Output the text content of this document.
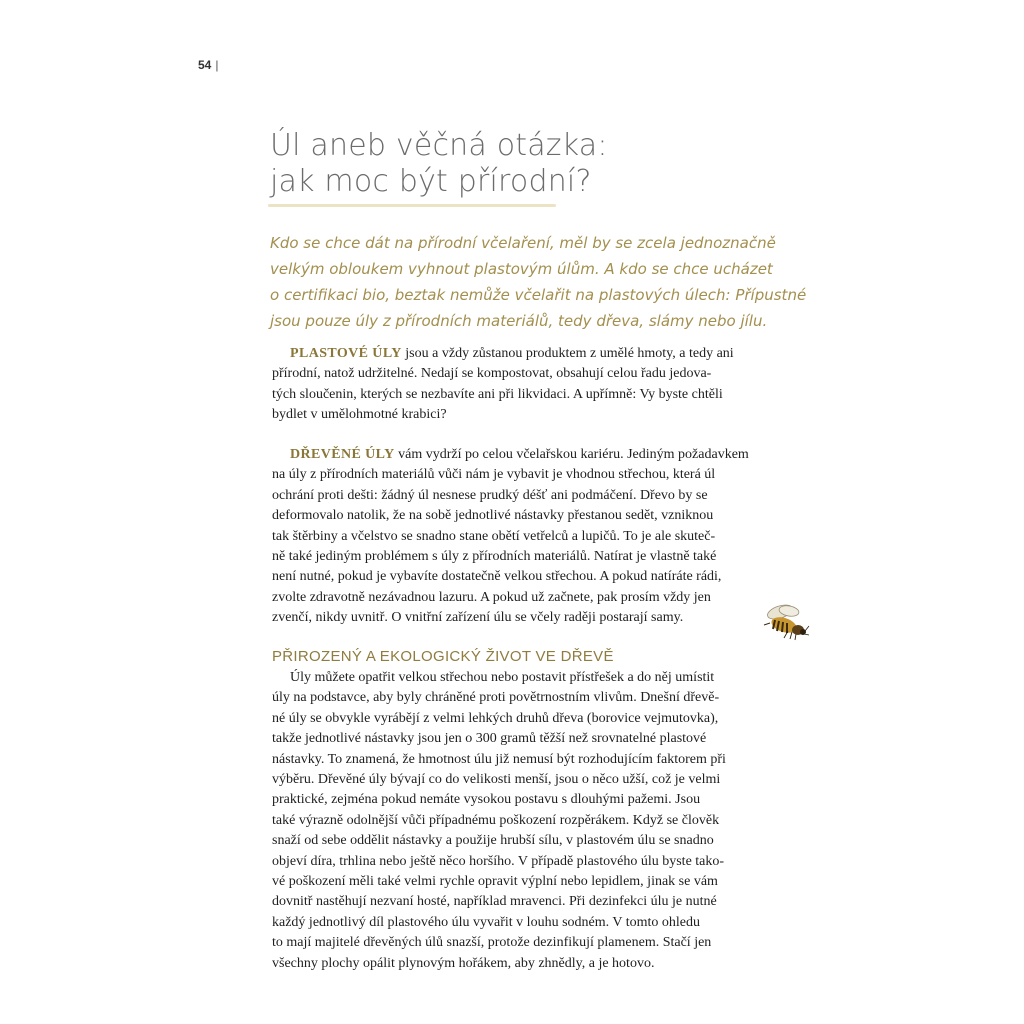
54 |
Úl aneb věčná otázka:
jak moc být přírodní?
Kdo se chce dát na přírodní včelaření, měl by se zcela jednoznačně
velkým obloukem vyhnout plastovým úlům. A kdo se chce ucházet
o certifikaci bio, beztak nemůže včelařit na plastových úlech: Přípustné
jsou pouze úly z přírodních materiálů, tedy dřeva, slámy nebo jílu.
PLASTOVÉ ÚLY jsou a vždy zůstanou produktem z umělé hmoty, a tedy ani
přírodní, natož udržitelné. Nedají se kompostovat, obsahují celou řadu jedova-
tých sloučenin, kterých se nezbavíte ani při likvidaci. A upřímně: Vy byste chtěli
bydlet v umělohmotné krabici?
DŘEVĚNÉ ÚLY vám vydrží po celou včelařskou kariéru. Jediným požadavkem
na úly z přírodních materiálů vůči nám je vybavit je vhodnou střechou, která úl
ochrání proti dešti: žádný úl nesnese prudký déšť ani podmáčení. Dřevo by se
deformovalo natolik, že na sobě jednotlivé nástavky přestanou sedět, vzniknou
tak štěrbiny a včelstvo se snadno stane obětí vetřelců a lupičů. To je ale skuteč-
ně také jediným problémem s úly z přírodních materiálů. Natírat je vlastně také
není nutné, pokud je vybavíte dostatečně velkou střechou. A pokud natíráte rádi,
zvolte zdravotně nezávadnou lazuru. A pokud už začnete, pak prosím vždy jen
zvenčí, nikdy uvnitř. O vnitřní zařízení úlu se včely raději postarají samy.
PŘIROZENÝ A EKOLOGICKÝ ŽIVOT VE DŘEVĚ
Úly můžete opatřit velkou střechou nebo postavit přístřešek a do něj umístit
úly na podstavce, aby byly chráněné proti povětrnostním vlivům. Dnešní dřevě-
né úly se obvykle vyrábějí z velmi lehkých druhů dřeva (borovice vejmutovka),
takže jednotlivé nástavky jsou jen o 300 gramů těžší než srovnatelné plastové
nástavky. To znamená, že hmotnost úlu již nemusí být rozhodujícím faktorem při
výběru. Dřevěné úly bývají co do velikosti menší, jsou o něco užší, což je velmi
praktické, zejména pokud nemáte vysokou postavu s dlouhými pažemi. Jsou
také výrazně odolnější vůči případnému poškození rozpěrákem. Když se člověk
snaží od sebe oddělit nástavky a použije hrubší sílu, v plastovém úlu se snadno
objeví díra, trhlina nebo ještě něco horšího. V případě plastového úlu byste tako-
vé poškození měli také velmi rychle opravit výplní nebo lepidlem, jinak se vám
dovnitř nastěhují nezvaní hosté, například mravenci. Při dezinfekci úlu je nutné
každý jednotlivý díl plastového úlu vyvařit v louhu sodném. V tomto ohledu
to mají majitelé dřevěných úlů snazší, protože dezinfikují plamenem. Stačí jen
všechny plochy opálit plynovým hořákem, aby zhnědly, a je hotovo.
